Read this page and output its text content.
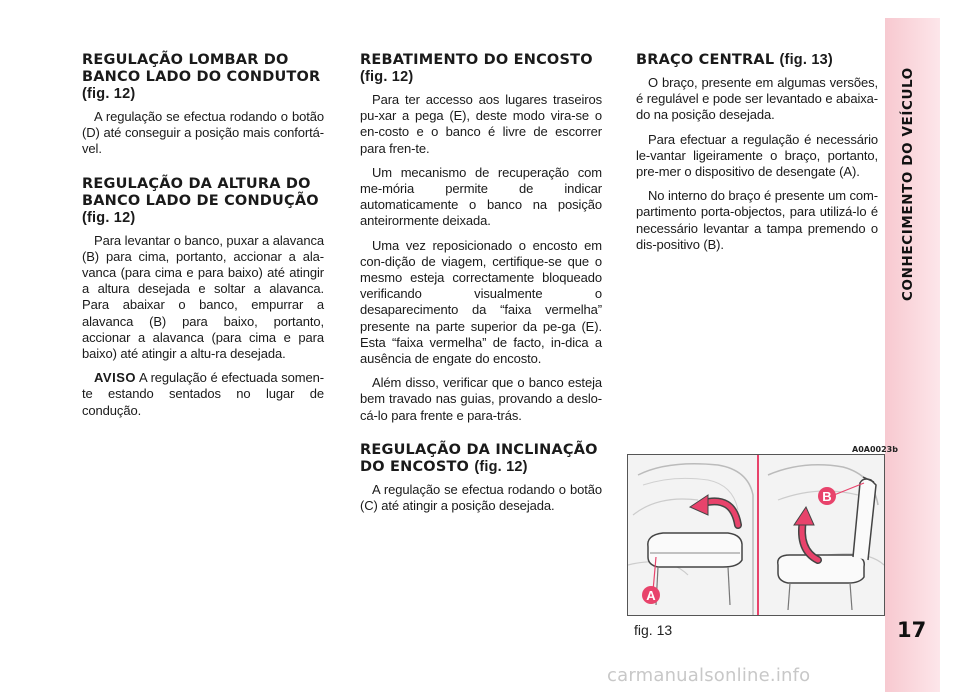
CONHECIMENTO DO VEÍCULO
17
REGULAÇÃO LOMBAR DO BANCO LADO DO CONDUTOR
(fig. 12)

A regulação se efectua rodando o botão (D) até conseguir a posição mais confortá-vel.

REGULAÇÃO DA ALTURA DO BANCO LADO DE CONDUÇÃO
(fig. 12)

Para levantar o banco, puxar a alavanca (B) para cima, portanto, accionar a ala-vanca (para cima e para baixo) até atingir a altura desejada e soltar a alavanca. Para abaixar o banco, empurrar a alavanca (B) para baixo, portanto, accionar a alavanca (para cima e para baixo) até atingir a altu-ra desejada.

AVISO A regulação é efectuada somen-te estando sentados no lugar de condução.

REBATIMENTO DO ENCOSTO
(fig. 12)

Para ter accesso aos lugares traseiros pu-xar a pega (E), deste modo vira-se o en-costo e o banco é livre de escorrer para fren-te.

Um mecanismo de recuperação com me-mória permite de indicar automaticamente o banco na posição anteirormente deixada.

Uma vez reposicionado o encosto em con-dição de viagem, certifique-se que o mesmo esteja correctamente bloqueado verificando visualmente o desaparecimento da “faixa vermelha” presente na parte superior da pe-ga (E). Esta “faixa vermelha” de facto, in-dica a ausência de engate do encosto.

Além disso, verificar que o banco esteja bem travado nas guias, provando a deslo-cá-lo para frente e para-trás.

REGULAÇÃO DA INCLINAÇÃO DO ENCOSTO (fig. 12)

A regulação se efectua rodando o botão (C) até atingir a posição desejada.

BRAÇO CENTRAL (fig. 13)

O braço, presente em algumas versões, é regulável e pode ser levantado e abaixa-do na posição desejada.

Para efectuar a regulação é necessário le-vantar ligeiramente o braço, portanto, pre-mer o dispositivo de desengate (A).

No interno do braço é presente um com-partimento porta-objectos, para utilizá-lo é necessário levantar a tampa premendo o dis-positivo (B).

A0A0023b
A
B
fig. 13
carmanualsonline.info
